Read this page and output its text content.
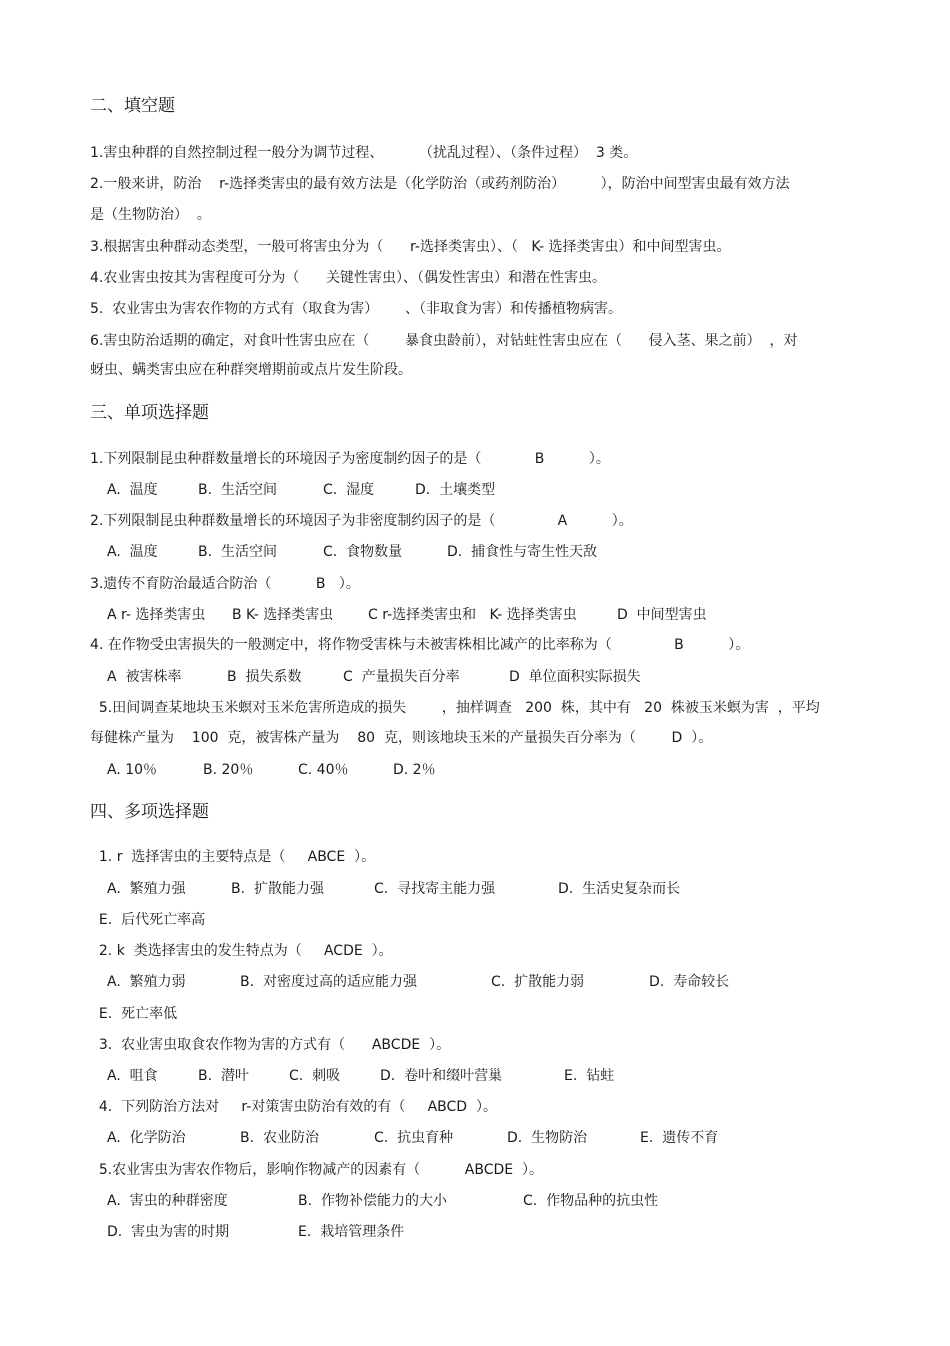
二、填空题
1.害虫种群的自然控制过程一般分为调节过程、        （扰乱过程）、（条件过程）  3 类。
2.一般来讲，防治    r-选择类害虫的最有效方法是（化学防治（或药剂防治）        ），防治中间型害虫最有效方法
是（生物防治）  。
3.根据害虫种群动态类型，一般可将害虫分为（      r-选择类害虫）、（   K- 选择类害虫）和中间型害虫。
4.农业害虫按其为害程度可分为（      关键性害虫）、（偶发性害虫）和潜在性害虫。
5.  农业害虫为害农作物的方式有（取食为害）      、（非取食为害）和传播植物病害。
6.害虫防治适期的确定，对食叶性害虫应在（        暴食虫龄前），对钻蛀性害虫应在（      侵入茎、果之前）  ，对
蚜虫、螨类害虫应在种群突增期前或点片发生阶段。
三、单项选择题
1.下列限制昆虫种群数量增长的环境因子为密度制约因子的是（            B          ）。
A.  温度	B.  生活空间	C.  湿度	D.  土壤类型
2.下列限制昆虫种群数量增长的环境因子为非密度制约因子的是（              A          ）。
A.  温度	B.  生活空间	C.  食物数量	D.  捕食性与寄生性天敌
3.遗传不育防治最适合防治（          B   ）。
A r- 选择类害虫 B K- 选择类害虫 C r-选择类害虫和   K- 选择类害虫	D  中间型害虫
4. 在作物受虫害损失的一般测定中，将作物受害株与未被害株相比减产的比率称为（              B          ）。
A  被害株率	B  损失系数	C  产量损失百分率	D  单位面积实际损失
5.田间调查某地块玉米螟对玉米危害所造成的损失        ，抽样调查   200  株，其中有   20  株被玉米螟为害  ，平均
每健株产量为    100  克，被害株产量为    80  克，则该地块玉米的产量损失百分率为（        D  ）。
A. 10％	B. 20％	C. 40％	D. 2％
四、多项选择题
1. r  选择害虫的主要特点是（     ABCE  ）。
A.  繁殖力强	B.  扩散能力强	C.  寻找寄主能力强	D.  生活史复杂而长
E.  后代死亡率高
2. k  类选择害虫的发生特点为（     ACDE  ）。
A.  繁殖力弱	B.  对密度过高的适应能力强	C.  扩散能力弱	D.  寿命较长
E.  死亡率低
3.  农业害虫取食农作物为害的方式有（      ABCDE  ）。
A.  咀食	B.  潜叶	C.  刺吸	D.  卷叶和缀叶营巢	E.  钻蛀
4.  下列防治方法对     r-对策害虫防治有效的有（     ABCD  ）。
A.  化学防治	B.  农业防治	C.  抗虫育种	D.  生物防治	E.  遗传不育
5.农业害虫为害农作物后，影响作物减产的因素有（          ABCDE  ）。
A.  害虫的种群密度	B.  作物补偿能力的大小	C.  作物品种的抗虫性
D.  害虫为害的时期	E.  栽培管理条件
